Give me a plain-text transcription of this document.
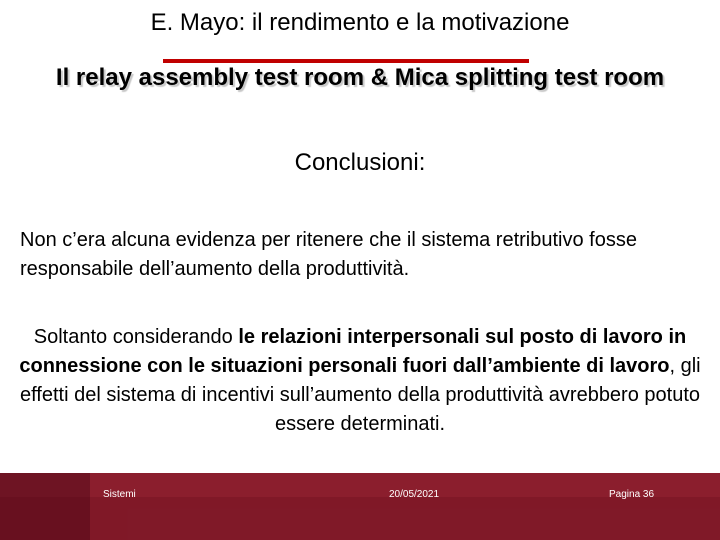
E. Mayo: il rendimento e la motivazione
Il relay assembly test room & Mica splitting test room
Conclusioni:
Non c’era alcuna evidenza per ritenere che il sistema retributivo fosse responsabile dell’aumento della produttività.
Soltanto considerando le relazioni interpersonali sul posto di lavoro in connessione con le situazioni personali fuori dall’ambiente di lavoro, gli effetti del sistema di incentivi sull’aumento della produttività avrebbero potuto essere determinati.
Sistemi	20/05/2021	Pagina 36
